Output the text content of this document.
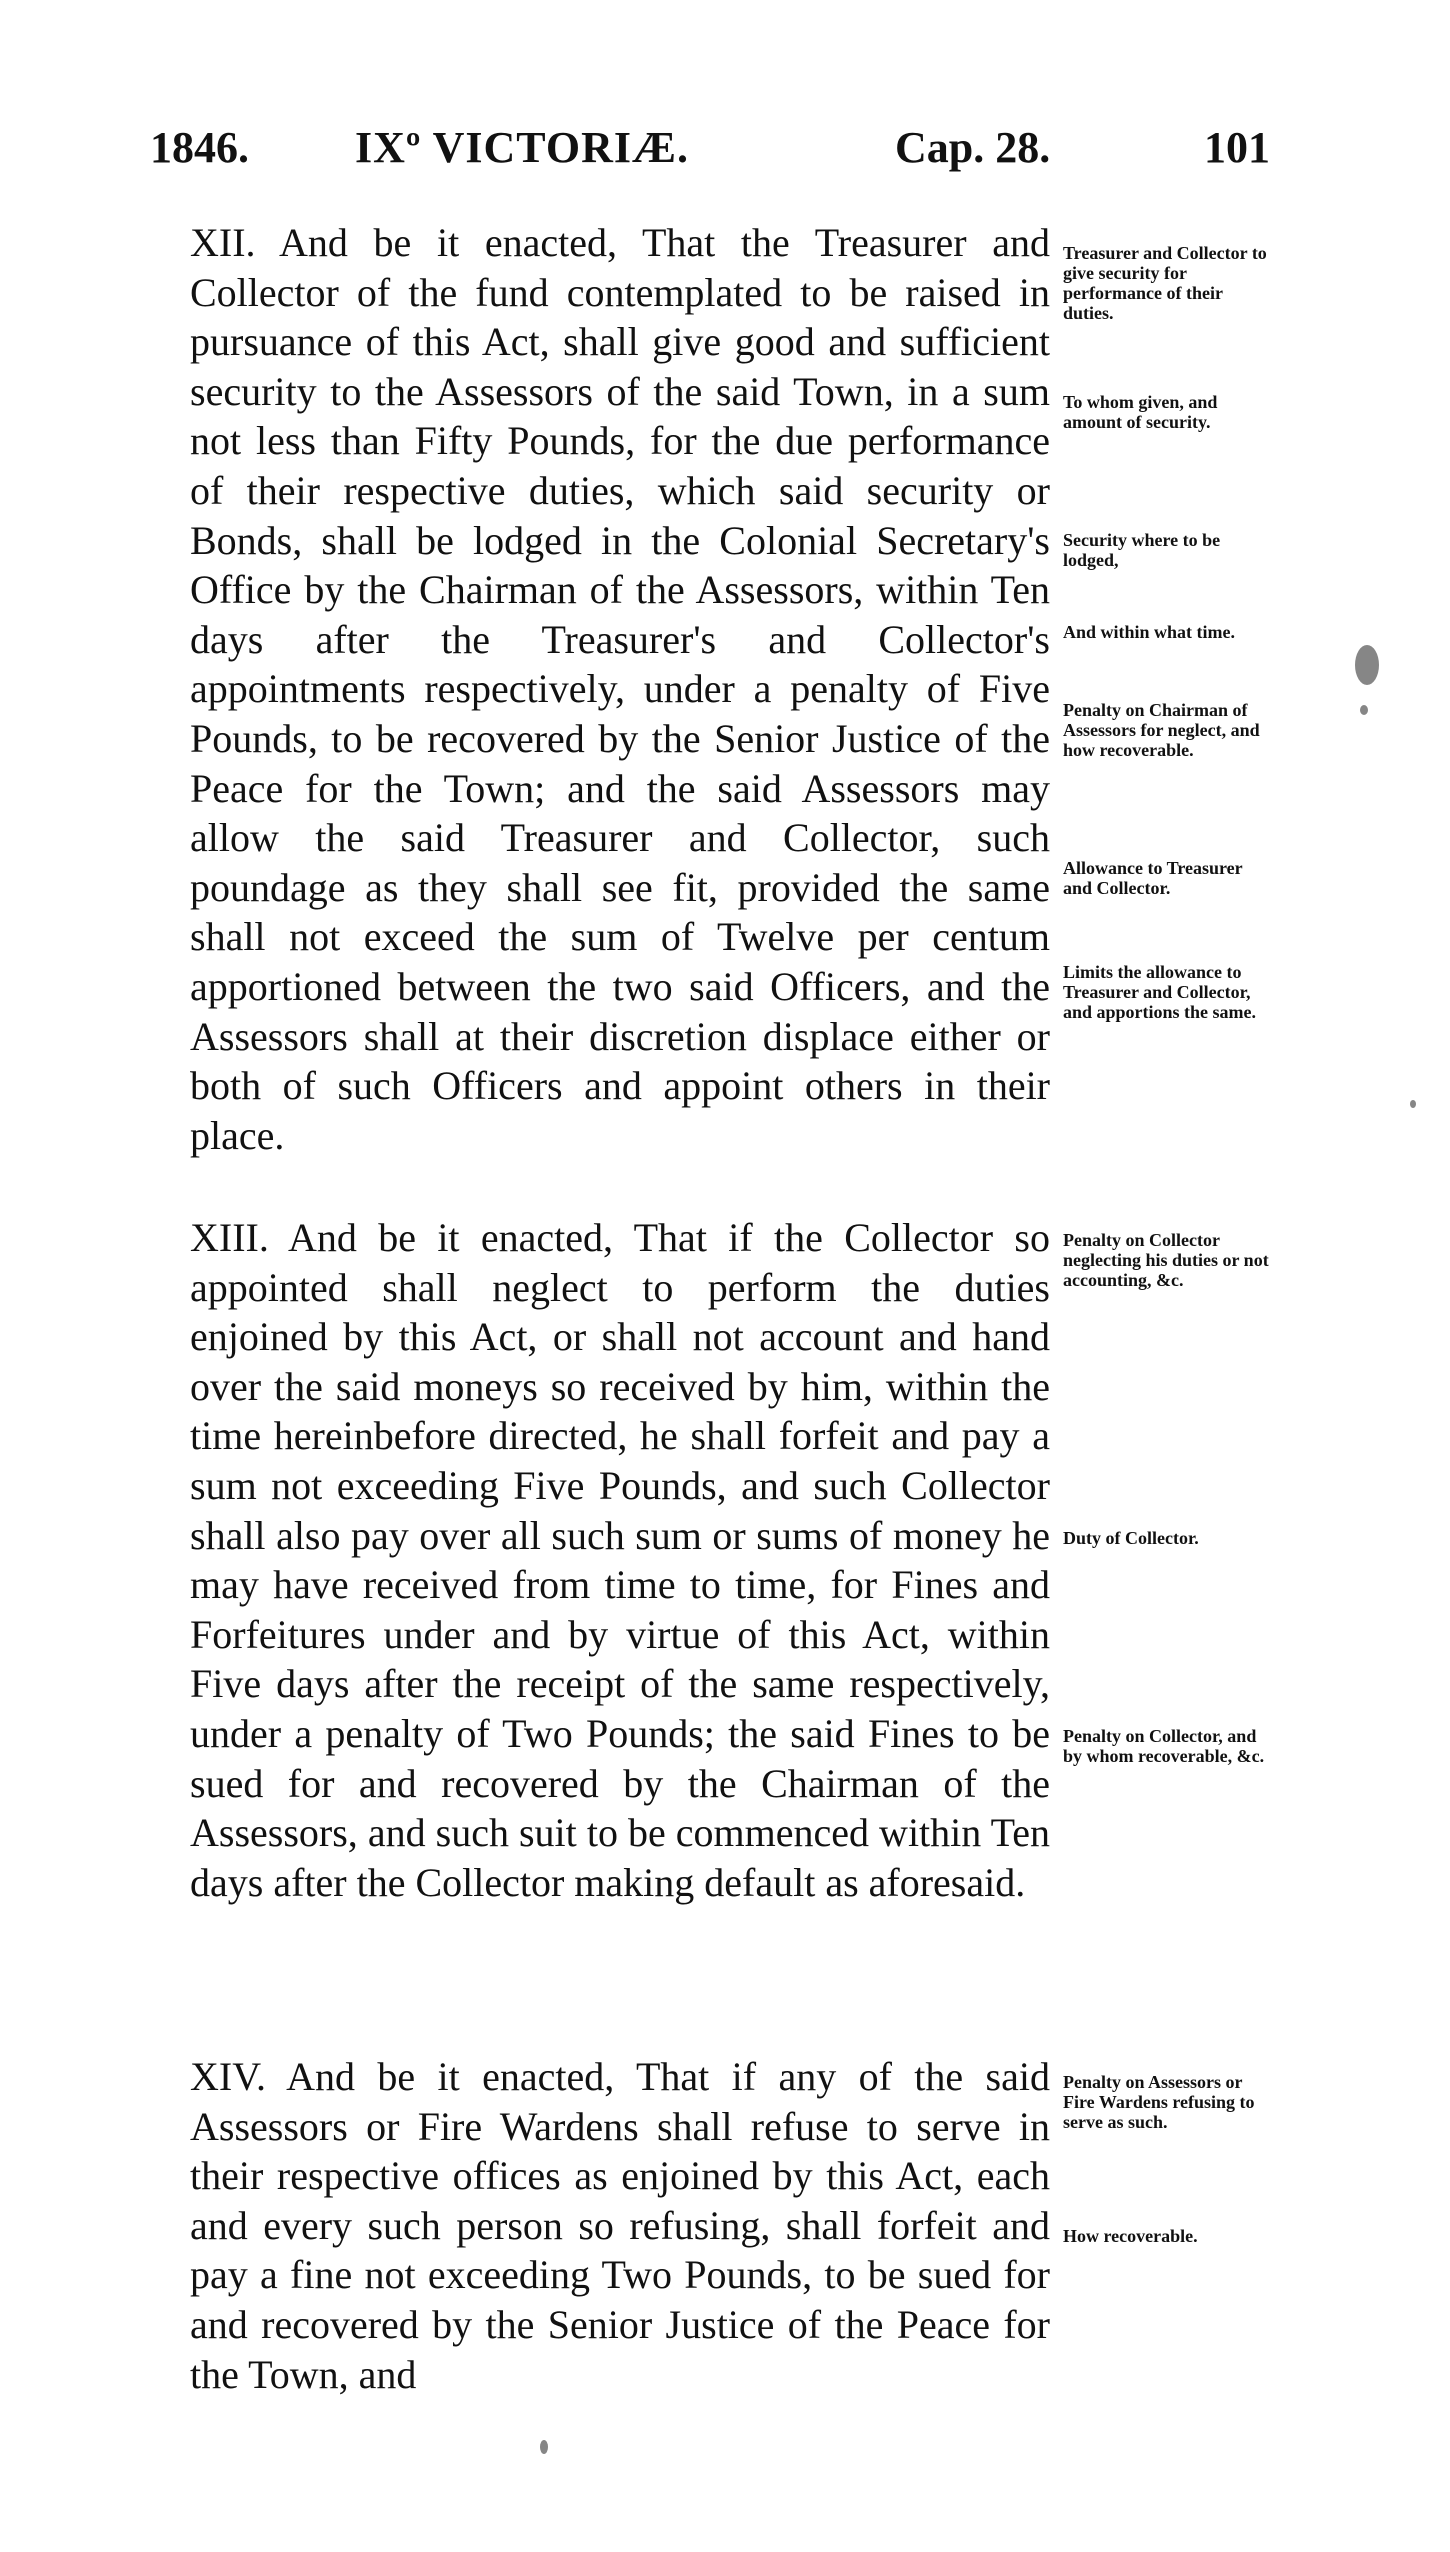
1846. IXº VICTORIÆ.	Cap. 28.	101

XII. And be it enacted, That the Treasurer and Collector of the fund contemplated to be raised in pursuance of this Act, shall give good and sufficient security to the Assessors of the said Town, in a sum not less than Fifty Pounds, for the due performance of their respective duties, which said security or Bonds, shall be lodged in the Colonial Secretary's Office by the Chairman of the Assessors, within Ten days after the Treasurer's and Collector's appointments respectively, under a penalty of Five Pounds, to be recovered by the Senior Justice of the Peace for the Town; and the said Assessors may allow the said Treasurer and Collector, such poundage as they shall see fit, provided the same shall not exceed the sum of Twelve per centum apportioned between the two said Officers, and the Assessors shall at their discretion displace either or both of such Officers and appoint others in their place.

XIII. And be it enacted, That if the Collector so appointed shall neglect to perform the duties enjoined by this Act, or shall not account and hand over the said moneys so received by him, within the time hereinbefore directed, he shall forfeit and pay a sum not exceeding Five Pounds, and such Collector shall also pay over all such sum or sums of money he may have received from time to time, for Fines and Forfeitures under and by virtue of this Act, within Five days after the receipt of the same respectively, under a penalty of Two Pounds; the said Fines to be sued for and recovered by the Chairman of the Assessors, and such suit to be commenced within Ten days after the Collector making default as aforesaid.

XIV. And be it enacted, That if any of the said Assessors or Fire Wardens shall refuse to serve in their respective offices as enjoined by this Act, each and every such person so refusing, shall forfeit and pay a fine not exceeding Two Pounds, to be sued for and recovered by the Senior Justice of the Peace for the Town, and

Treasurer and Collector to give security for performance of their duties.
To whom given, and amount of security.
Security where to be lodged,
And within what time.
Penalty on Chairman of Assessors for neglect, and how recoverable.
Allowance to Treasurer and Collector.
Limits the allowance to Treasurer and Collector, and apportions the same.
Penalty on Collector neglecting his duties or not accounting, &c.
Duty of Collector.
Penalty on Collector, and by whom recoverable, &c.
Penalty on Assessors or Fire Wardens refusing to serve as such.
How recoverable.
